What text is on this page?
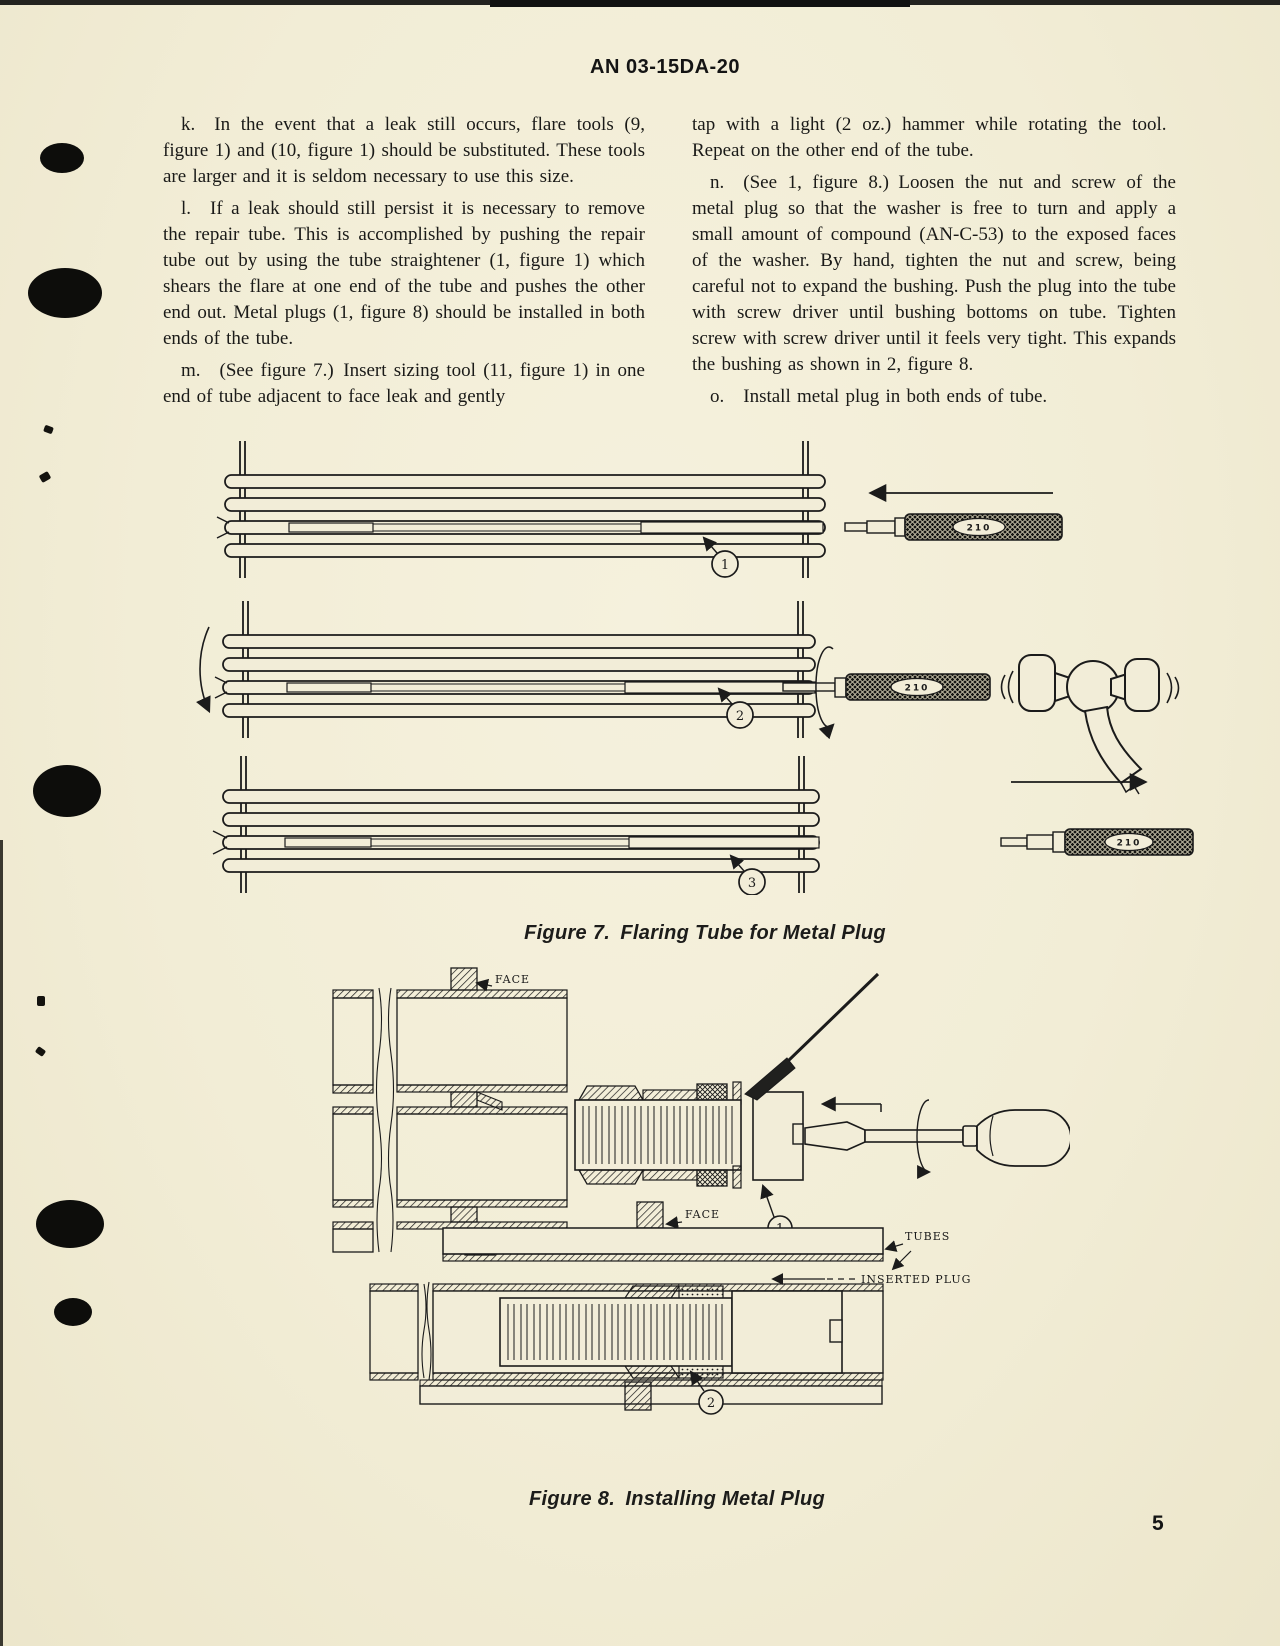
AN 03-15DA-20

k.  In the event that a leak still occurs, flare tools (9, figure 1) and (10, figure 1) should be substituted. These tools are larger and it is seldom necessary to use this size.

l.  If a leak should still persist it is necessary to remove the repair tube. This is accomplished by pushing the repair tube out by using the tube straightener (1, figure 1) which shears the flare at one end of the tube and pushes the other end out. Metal plugs (1, figure 8) should be installed in both ends of the tube.

m.  (See figure 7.) Insert sizing tool (11, figure 1) in one end of tube adjacent to face leak and gently

tap with a light (2 oz.) hammer while rotating the tool. Repeat on the other end of the tube.

n.  (See 1, figure 8.) Loosen the nut and screw of the metal plug so that the washer is free to turn and apply a small amount of compound (AN-C-53) to the exposed faces of the washer. By hand, tighten the nut and screw, being careful not to expand the bushing. Push the plug into the tube with screw driver until bushing bottoms on tube. Tighten screw with screw driver until it feels very tight. This expands the bushing as shown in 2, figure 8.

o.  Install metal plug in both ends of tube.

210
1
210
2
210
3
Figure 7. Flaring Tube for Metal Plug
FACE
FACE
TUBES
INSERTED PLUG
2
Figure 8. Installing Metal Plug
5
